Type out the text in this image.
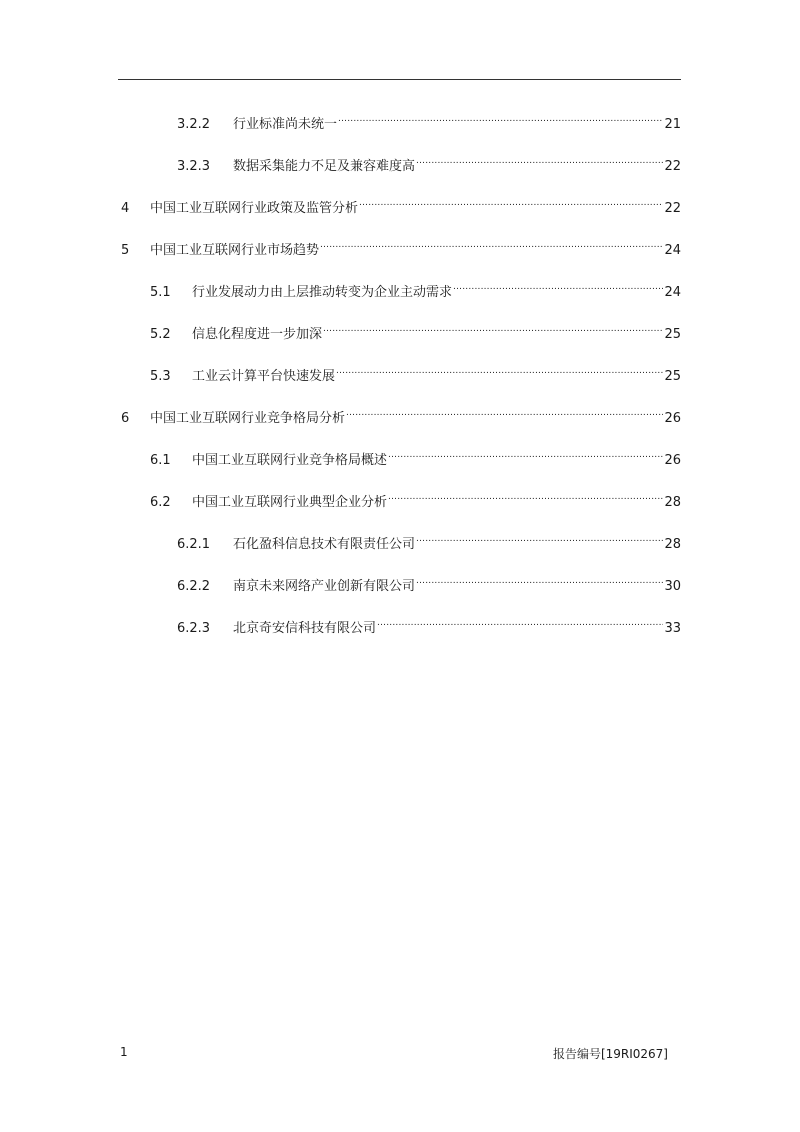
3.2.2	行业标准尚未统一 .....	21
3.2.3	数据采集能力不足及兼容难度高 .....	22
4	中国工业互联网行业政策及监管分析 .....	22
5	中国工业互联网行业市场趋势 .....	24
5.1	行业发展动力由上层推动转变为企业主动需求 .....	24
5.2	信息化程度进一步加深 .....	25
5.3	工业云计算平台快速发展 .....	25
6	中国工业互联网行业竞争格局分析 .....	26
6.1	中国工业互联网行业竞争格局概述 .....	26
6.2	中国工业互联网行业典型企业分析 .....	28
6.2.1	石化盈科信息技术有限责任公司 .....	28
6.2.2	南京未来网络产业创新有限公司 .....	30
6.2.3	北京奇安信科技有限公司 .....	33
1	报告编号[19RI0267]
